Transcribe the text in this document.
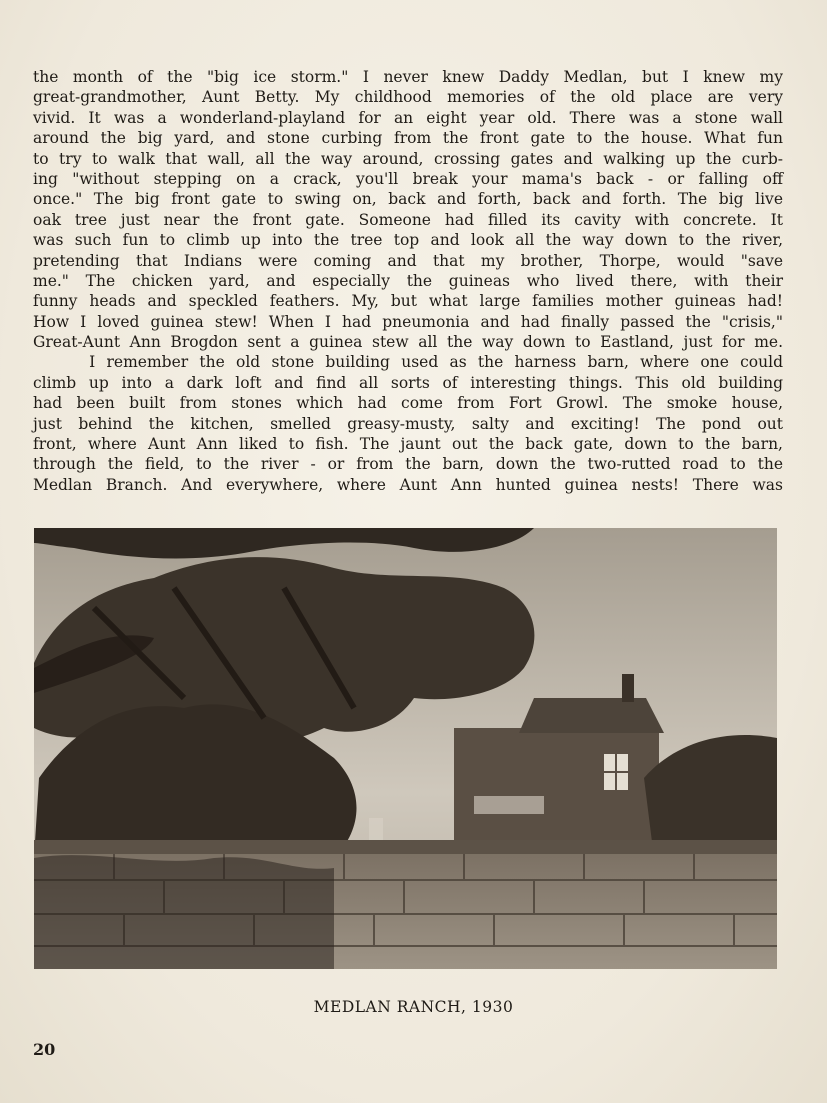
the month of the "big ice storm." I never knew Daddy Medlan, but I knew my
great-grandmother, Aunt Betty. My childhood memories of the old place are very
vivid. It was a wonderland-playland for an eight year old. There was a stone wall
around the big yard, and stone curbing from the front gate to the house. What fun
to try to walk that wall, all the way around, crossing gates and walking up the curb-
ing "without stepping on a crack, you'll break your mama's back - or falling off
once." The big front gate to swing on, back and forth, back and forth. The big live
oak tree just near the front gate. Someone had filled its cavity with concrete. It
was such fun to climb up into the tree top and look all the way down to the river,
pretending that Indians were coming and that my brother, Thorpe, would "save
me." The chicken yard, and especially the guineas who lived there, with their
funny heads and speckled feathers. My, but what large families mother guineas had!
How I loved guinea stew! When I had pneumonia and had finally passed the "crisis,"
Great-Aunt Ann Brogdon sent a guinea stew all the way down to Eastland, just for me.
I remember the old stone building used as the harness barn, where one could
climb up into a dark loft and find all sorts of interesting things. This old building
had been built from stones which had come from Fort Growl. The smoke house,
just behind the kitchen, smelled greasy-musty, salty and exciting! The pond out
front, where Aunt Ann liked to fish. The jaunt out the back gate, down to the barn,
through the field, to the river - or from the barn, down the two-rutted road to the
Medlan Branch. And everywhere, where Aunt Ann hunted guinea nests! There was
MEDLAN RANCH, 1930
20
